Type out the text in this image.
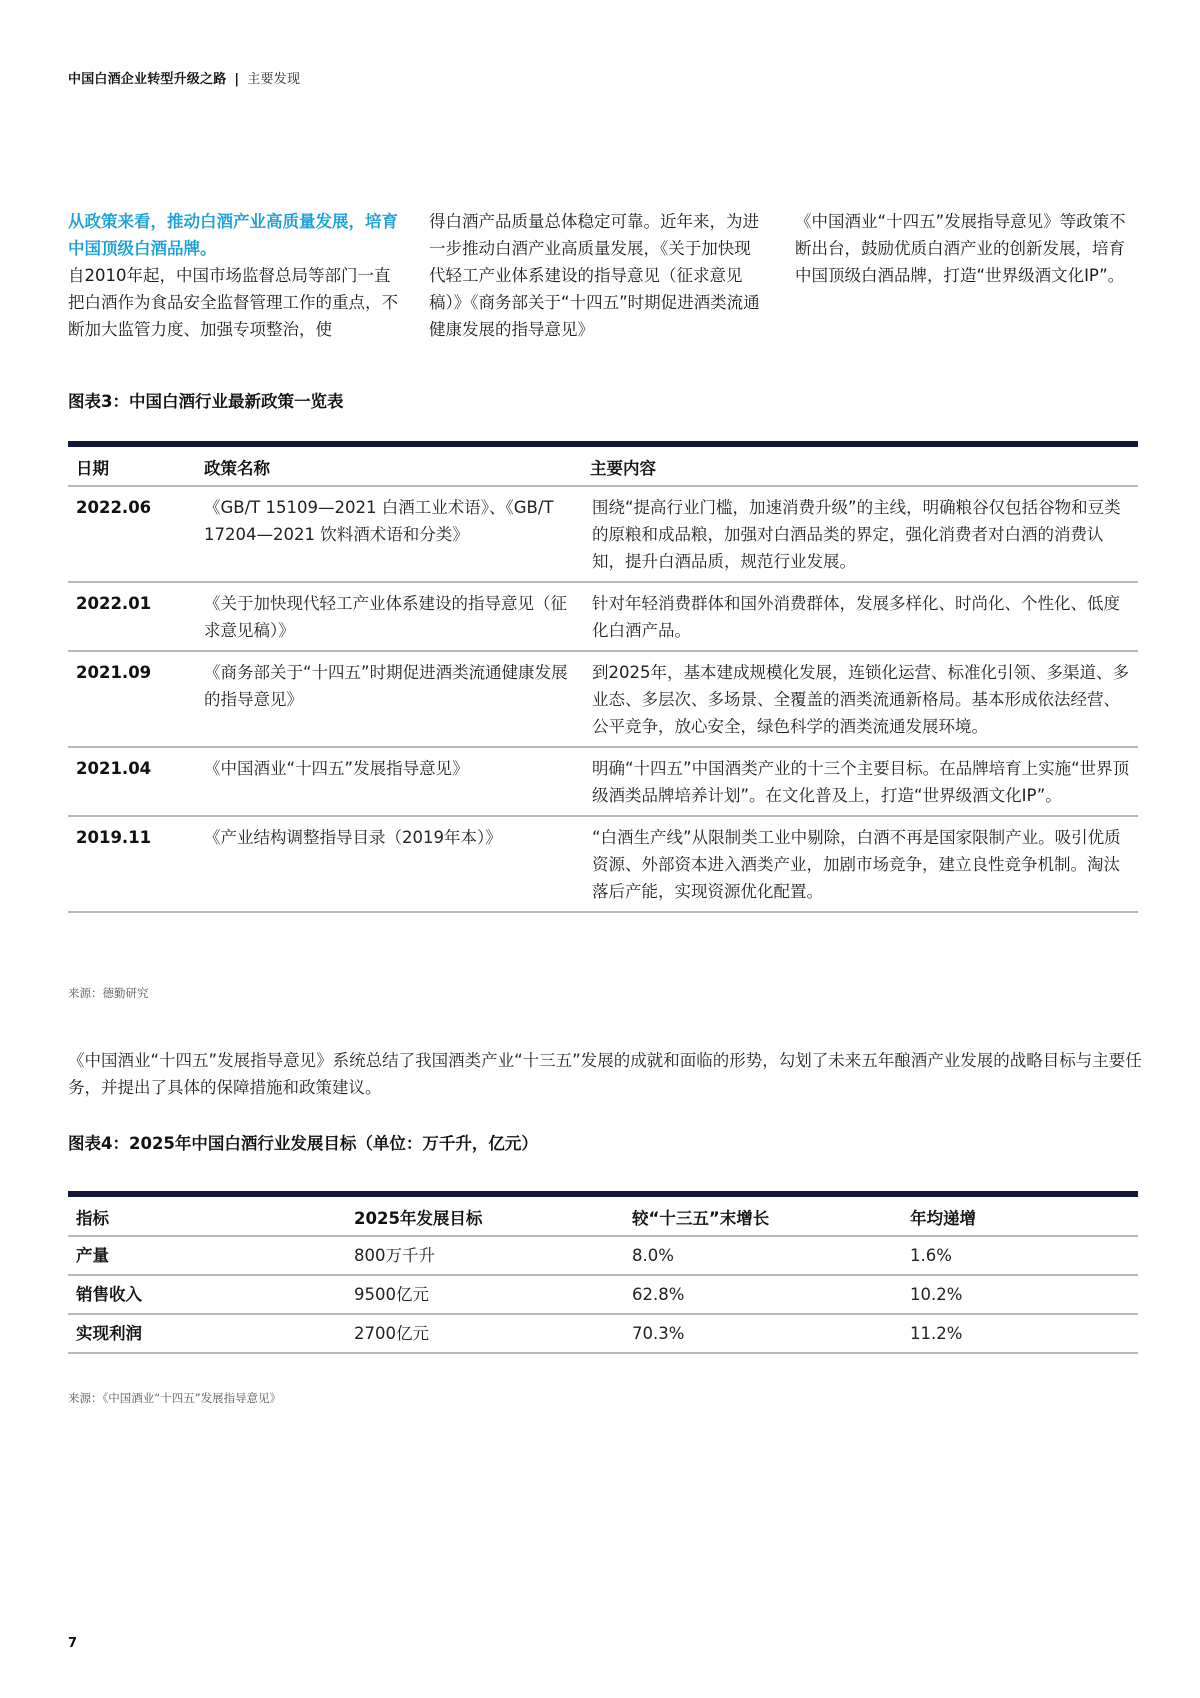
中国白酒企业转型升级之路 | 主要发现
从政策来看，推动白酒产业高质量发展，培育中国顶级白酒品牌。
自2010年起，中国市场监督总局等部门一直把白酒作为食品安全监督管理工作的重点，不断加大监管力度、加强专项整治，使
得白酒产品质量总体稳定可靠。近年来，为进一步推动白酒产业高质量发展，《关于加快现代轻工产业体系建设的指导意见（征求意见稿）》《商务部关于“十四五”时期促进酒类流通健康发展的指导意见》
《中国酒业“十四五”发展指导意见》等政策不断出台，鼓励优质白酒产业的创新发展，培育中国顶级白酒品牌，打造“世界级酒文化IP”。
图表3：中国白酒行业最新政策一览表
日期	政策名称	主要内容
2022.06	《GB/T 15109—2021 白酒工业术语》、《GB/T 17204—2021 饮料酒术语和分类》	围绕“提高行业门槛，加速消费升级”的主线，明确粮谷仅包括谷物和豆类的原粮和成品粮，加强对白酒品类的界定，强化消费者对白酒的消费认知，提升白酒品质，规范行业发展。
2022.01	《关于加快现代轻工产业体系建设的指导意见（征求意见稿）》	针对年轻消费群体和国外消费群体，发展多样化、时尚化、个性化、低度化白酒产品。
2021.09	《商务部关于“十四五”时期促进酒类流通健康发展的指导意见》	到2025年，基本建成规模化发展，连锁化运营、标准化引领、多渠道、多业态、多层次、多场景、全覆盖的酒类流通新格局。基本形成依法经营、公平竞争，放心安全，绿色科学的酒类流通发展环境。
2021.04	《中国酒业“十四五”发展指导意见》	明确“十四五”中国酒类产业的十三个主要目标。在品牌培育上实施“世界顶级酒类品牌培养计划”。在文化普及上，打造“世界级酒文化IP”。
2019.11	《产业结构调整指导目录（2019年本）》	“白酒生产线”从限制类工业中剔除，白酒不再是国家限制产业。吸引优质资源、外部资本进入酒类产业，加剧市场竞争，建立良性竞争机制。淘汰落后产能，实现资源优化配置。
来源：德勤研究
《中国酒业“十四五”发展指导意见》系统总结了我国酒类产业“十三五”发展的成就和面临的形势，勾划了未来五年酿酒产业发展的战略目标与主要任务，并提出了具体的保障措施和政策建议。
图表4：2025年中国白酒行业发展目标（单位：万千升，亿元）
指标	2025年发展目标	较“十三五”末增长	年均递增
产量	800万千升	8.0%	1.6%
销售收入	9500亿元	62.8%	10.2%
实现利润	2700亿元	70.3%	11.2%
来源：《中国酒业“十四五”发展指导意见》
7
